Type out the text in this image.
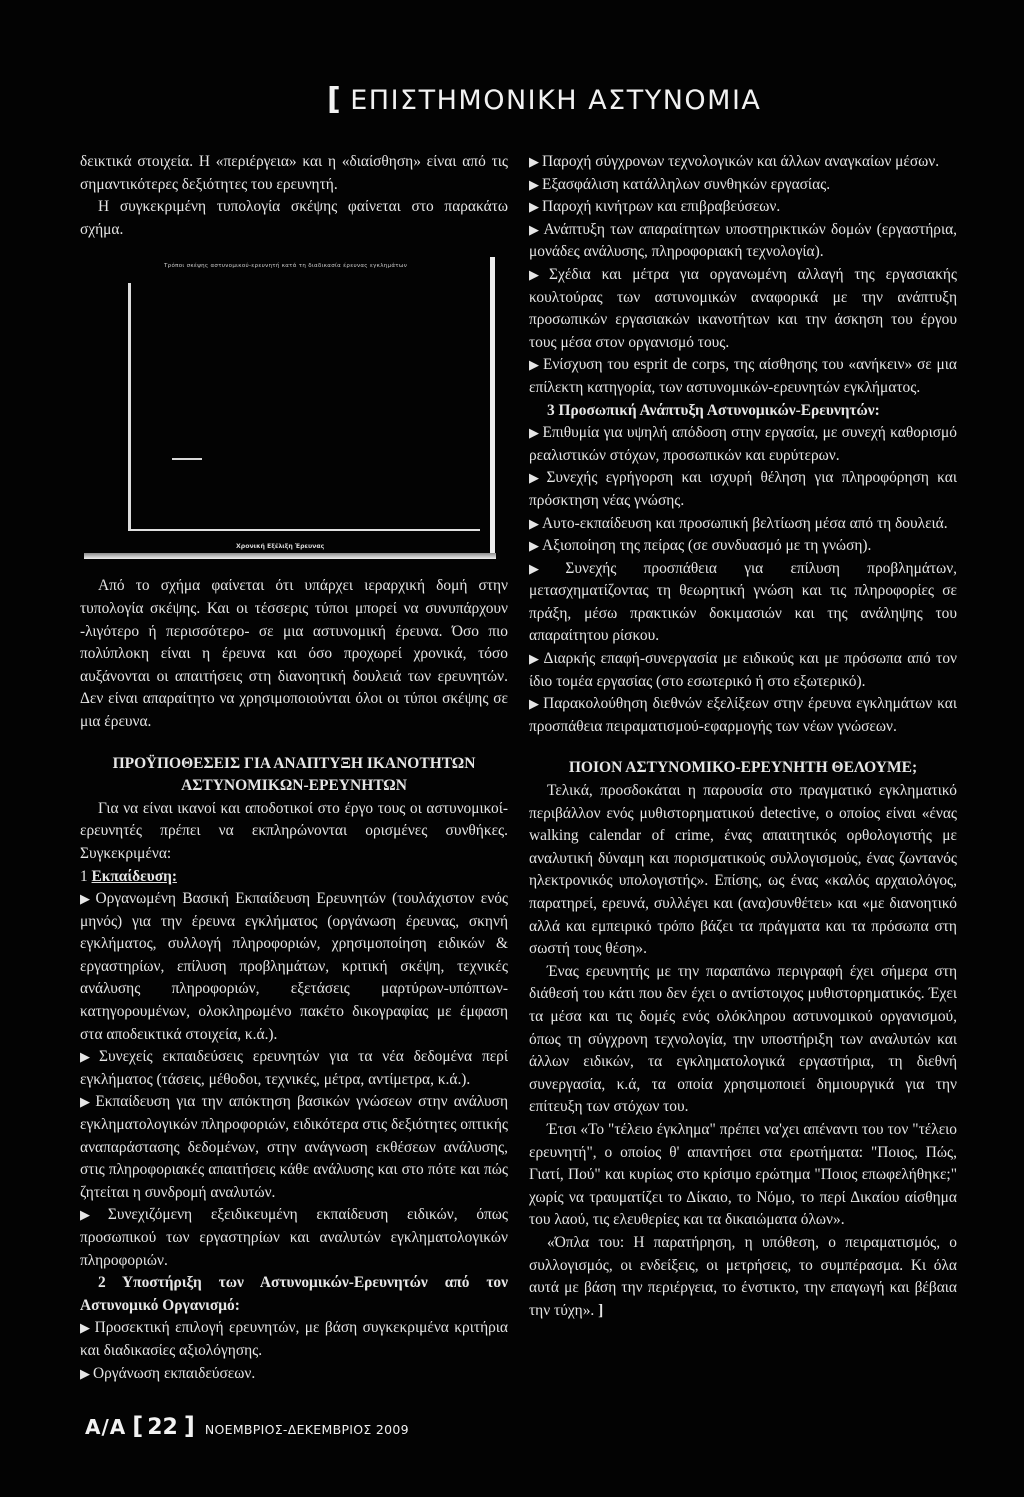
[ ΕΠΙΣΤΗΜΟΝΙΚΗ ΑΣΤΥΝΟΜΙΑ

δεικτικά στοιχεία. Η «περιέργεια» και η «διαίσθηση» είναι από τις σημαντικότερες δεξιότητες του ερευνητή.

Η συγκεκριμένη τυπολογία σκέψης φαίνεται στο παρακάτω σχήμα.

Τρόποι σκέψης αστυνομικού-ερευνητή κατά τη διαδικασία έρευνας εγκλημάτων
Χρονική Εξέλιξη Έρευνας

Από το σχήμα φαίνεται ότι υπάρχει ιεραρχική δομή στην τυπολογία σκέψης. Και οι τέσσερις τύποι μπορεί να συνυπάρχουν -λιγότερο ή περισσότερο- σε μια αστυνομική έρευνα. Όσο πιο πολύπλοκη είναι η έρευνα και όσο προχωρεί χρονικά, τόσο αυξάνονται οι απαιτήσεις στη διανοητική δουλειά των ερευνητών. Δεν είναι απαραίτητο να χρησιμοποιούνται όλοι οι τύποι σκέψης σε μια έρευνα.

ΠΡΟΫΠΟΘΕΣΕΙΣ ΓΙΑ ΑΝΑΠΤΥΞΗ ΙΚΑΝΟΤΗΤΩΝ ΑΣΤΥΝΟΜΙΚΩΝ-ΕΡΕΥΝΗΤΩΝ

Για να είναι ικανοί και αποδοτικοί στο έργο τους οι αστυνομικοί-ερευνητές πρέπει να εκπληρώνονται ορισμένες συνθήκες. Συγκεκριμένα:

1 Εκπαίδευση:

▶ Οργανωμένη Βασική Εκπαίδευση Ερευνητών (τουλάχιστον ενός μηνός) για την έρευνα εγκλήματος (οργάνωση έρευνας, σκηνή εγκλήματος, συλλογή πληροφοριών, χρησιμοποίηση ειδικών & εργαστηρίων, επίλυση προβλημάτων, κριτική σκέψη, τεχνικές ανάλυσης πληροφοριών, εξετάσεις μαρτύρων-υπόπτων-κατηγορουμένων, ολοκληρωμένο πακέτο δικογραφίας με έμφαση στα αποδεικτικά στοιχεία, κ.ά.).

▶ Συνεχείς εκπαιδεύσεις ερευνητών για τα νέα δεδομένα περί εγκλήματος (τάσεις, μέθοδοι, τεχνικές, μέτρα, αντίμετρα, κ.ά.).

▶ Εκπαίδευση για την απόκτηση βασικών γνώσεων στην ανάλυση εγκληματολογικών πληροφοριών, ειδικότερα στις δεξιότητες οπτικής αναπαράστασης δεδομένων, στην ανάγνωση εκθέσεων ανάλυσης, στις πληροφοριακές απαιτήσεις κάθε ανάλυσης και στο πότε και πώς ζητείται η συνδρομή αναλυτών.

▶ Συνεχιζόμενη εξειδικευμένη εκπαίδευση ειδικών, όπως προσωπικού των εργαστηρίων και αναλυτών εγκληματολογικών πληροφοριών.

2 Υποστήριξη των Αστυνομικών-Ερευνητών από τον Αστυνομικό Οργανισμό:

▶ Προσεκτική επιλογή ερευνητών, με βάση συγκεκριμένα κριτήρια και διαδικασίες αξιολόγησης.

▶ Οργάνωση εκπαιδεύσεων.

▶ Παροχή σύγχρονων τεχνολογικών και άλλων αναγκαίων μέσων.

▶ Εξασφάλιση κατάλληλων συνθηκών εργασίας.

▶ Παροχή κινήτρων και επιβραβεύσεων.

▶ Ανάπτυξη των απαραίτητων υποστηρικτικών δομών (εργαστήρια, μονάδες ανάλυσης, πληροφοριακή τεχνολογία).

▶ Σχέδια και μέτρα για οργανωμένη αλλαγή της εργασιακής κουλτούρας των αστυνομικών αναφορικά με την ανάπτυξη προσωπικών εργασιακών ικανοτήτων και την άσκηση του έργου τους μέσα στον οργανισμό τους.

▶ Ενίσχυση του esprit de corps, της αίσθησης του «ανήκειν» σε μια επίλεκτη κατηγορία, των αστυνομικών-ερευνητών εγκλήματος.

3 Προσωπική Ανάπτυξη Αστυνομικών-Ερευνητών:

▶ Επιθυμία για υψηλή απόδοση στην εργασία, με συνεχή καθορισμό ρεαλιστικών στόχων, προσωπικών και ευρύτερων.

▶ Συνεχής εγρήγορση και ισχυρή θέληση για πληροφόρηση και πρόσκτηση νέας γνώσης.

▶ Αυτο-εκπαίδευση και προσωπική βελτίωση μέσα από τη δουλειά.

▶ Αξιοποίηση της πείρας (σε συνδυασμό με τη γνώση).

▶ Συνεχής προσπάθεια για επίλυση προβλημάτων, μετασχηματίζοντας τη θεωρητική γνώση και τις πληροφορίες σε πράξη, μέσω πρακτικών δοκιμασιών και της ανάληψης του απαραίτητου ρίσκου.

▶ Διαρκής επαφή-συνεργασία με ειδικούς και με πρόσωπα από τον ίδιο τομέα εργασίας (στο εσωτερικό ή στο εξωτερικό).

▶ Παρακολούθηση διεθνών εξελίξεων στην έρευνα εγκλημάτων και προσπάθεια πειραματισμού-εφαρμογής των νέων γνώσεων.

ΠΟΙΟΝ ΑΣΤΥΝΟΜΙΚΟ-ΕΡΕΥΝΗΤΗ ΘΕΛΟΥΜΕ;

Τελικά, προσδοκάται η παρουσία στο πραγματικό εγκληματικό περιβάλλον ενός μυθιστορηματικού detective, ο οποίος είναι «ένας walking calendar of crime, ένας απαιτητικός ορθολογιστής με αναλυτική δύναμη και πορισματικούς συλλογισμούς, ένας ζωντανός ηλεκτρονικός υπολογιστής». Επίσης, ως ένας «καλός αρχαιολόγος, παρατηρεί, ερευνά, συλλέγει και (ανα)συνθέτει» και «με διανοητικό αλλά και εμπειρικό τρόπο βάζει τα πράγματα και τα πρόσωπα στη σωστή τους θέση».

Ένας ερευνητής με την παραπάνω περιγραφή έχει σήμερα στη διάθεσή του κάτι που δεν έχει ο αντίστοιχος μυθιστορηματικός. Έχει τα μέσα και τις δομές ενός ολόκληρου αστυνομικού οργανισμού, όπως τη σύγχρονη τεχνολογία, την υποστήριξη των αναλυτών και άλλων ειδικών, τα εγκληματολογικά εργαστήρια, τη διεθνή συνεργασία, κ.ά, τα οποία χρησιμοποιεί δημιουργικά για την επίτευξη των στόχων του.

Έτσι «Το "τέλειο έγκλημα" πρέπει να'χει απέναντι του τον "τέλειο ερευνητή", ο οποίος θ' απαντήσει στα ερωτήματα: "Ποιος, Πώς, Γιατί, Πού" και κυρίως στο κρίσιμο ερώτημα "Ποιος επωφελήθηκε;" χωρίς να τραυματίζει το Δίκαιο, το Νόμο, το περί Δικαίου αίσθημα του λαού, τις ελευθερίες και τα δικαιώματα όλων».

«Όπλα του: Η παρατήρηση, η υπόθεση, ο πειραματισμός, ο συλλογισμός, οι ενδείξεις, οι μετρήσεις, το συμπέρασμα. Κι όλα αυτά με βάση την περιέργεια, το ένστικτο, την επαγωγή και βέβαια την τύχη». ]

Α/Α [ 22 ] ΝΟΕΜΒΡΙΟΣ-ΔΕΚΕΜΒΡΙΟΣ 2009
